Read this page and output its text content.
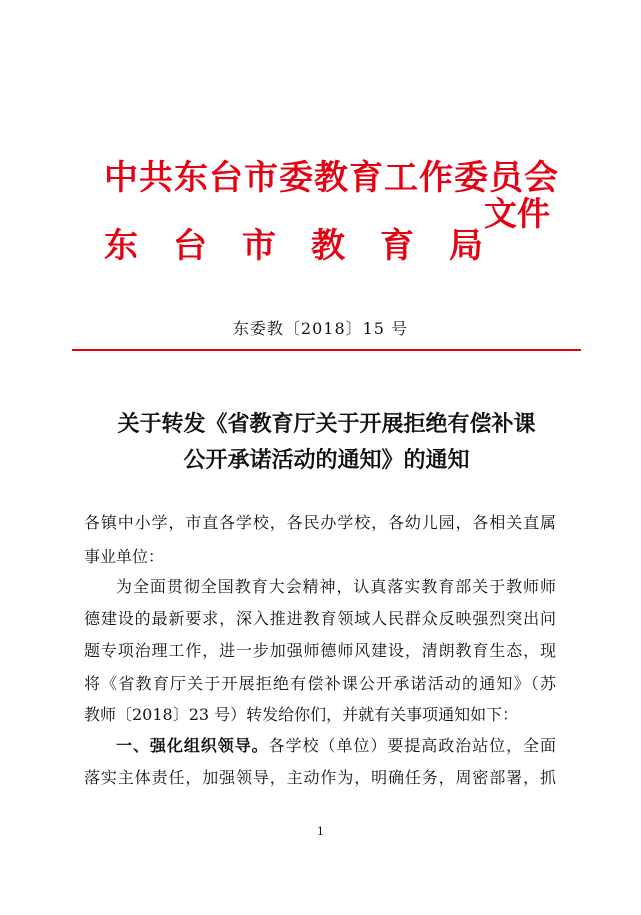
中共东台市委教育工作委员会
东台市教育局
文件
东委教〔2018〕15 号
关于转发《省教育厅关于开展拒绝有偿补课
公开承诺活动的通知》的通知
各镇中小学，市直各学校，各民办学校，各幼儿园，各相关直属
事业单位：
为全面贯彻全国教育大会精神，认真落实教育部关于教师师
德建设的最新要求，深入推进教育领域人民群众反映强烈突出问
题专项治理工作，进一步加强师德师风建设，清朗教育生态，现
将《省教育厅关于开展拒绝有偿补课公开承诺活动的通知》（苏
教师〔2018〕23 号）转发给你们，并就有关事项通知如下：
一、强化组织领导。各学校（单位）要提高政治站位，全面
落实主体责任，加强领导，主动作为，明确任务，周密部署，抓
1
